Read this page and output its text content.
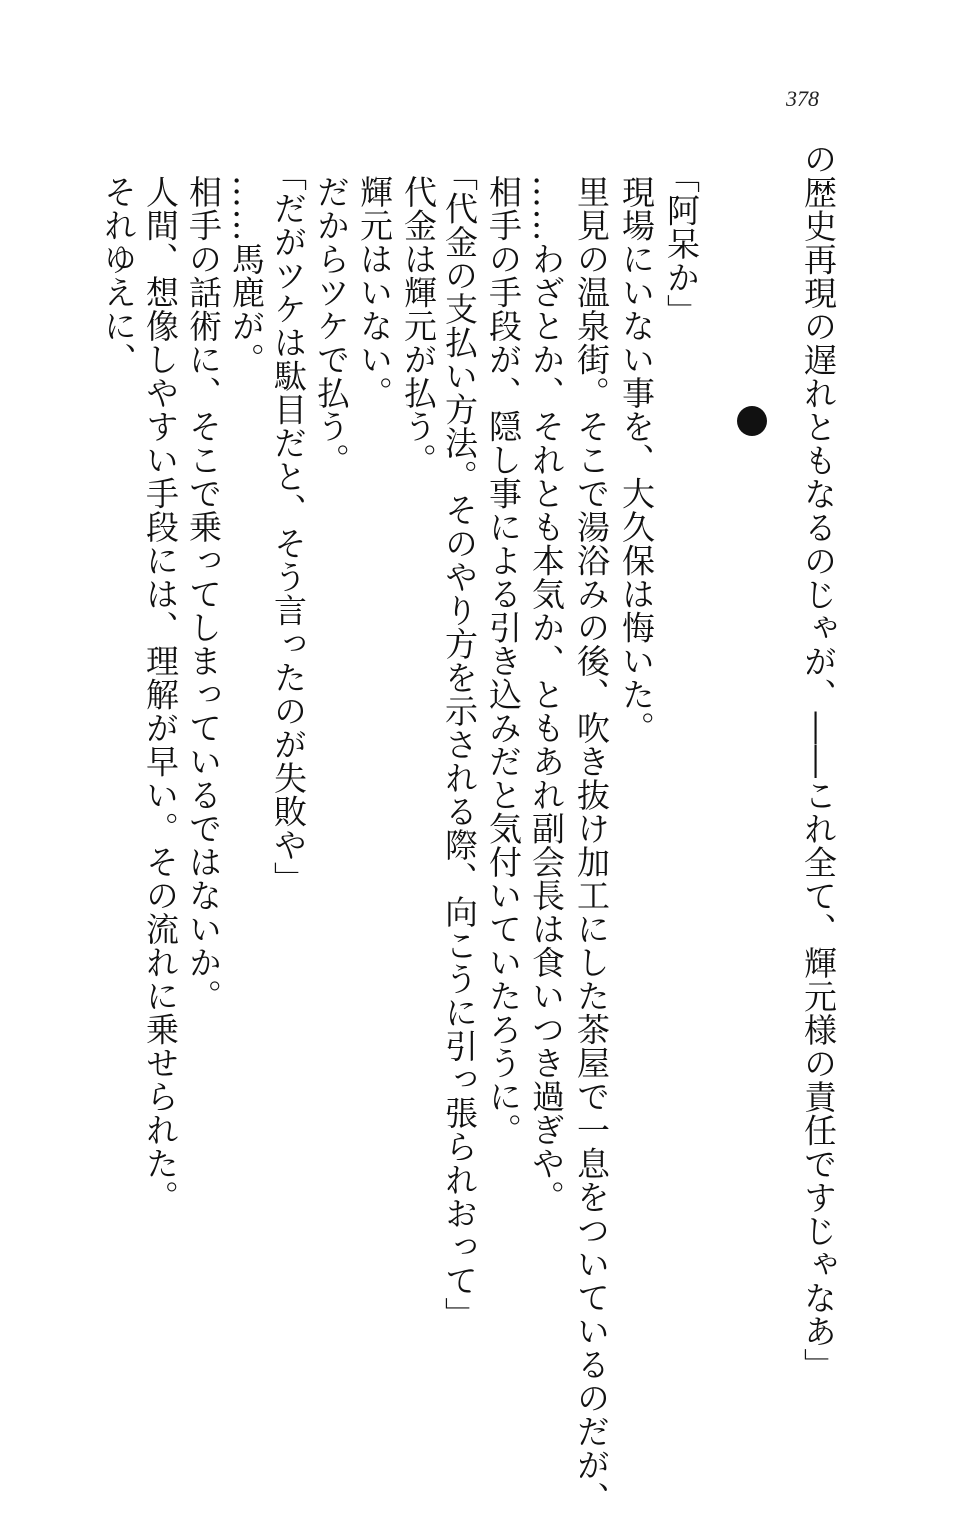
378
の歴史再現の遅れともなるのじゃが、――これ全て、輝元様の責任ですじゃなあ」
「阿呆か」
現場にいない事を、大久保は悔いた。
里見の温泉街。そこで湯浴みの後、吹き抜け加工にした茶屋で一息をついているのだが、
……わざとか、それとも本気か、ともあれ副会長は食いつき過ぎや。
相手の手段が、隠し事による引き込みだと気付いていたろうに。
「代金の支払い方法。そのやり方を示される際、向こうに引っ張られおって」
代金は輝元が払う。
輝元はいない。
だからツケで払う。
「だがツケは駄目だと、そう言ったのが失敗や」
……馬鹿が。
相手の話術に、そこで乗ってしまっているではないか。
人間、想像しやすい手段には、理解が早い。その流れに乗せられた。
それゆえに、
